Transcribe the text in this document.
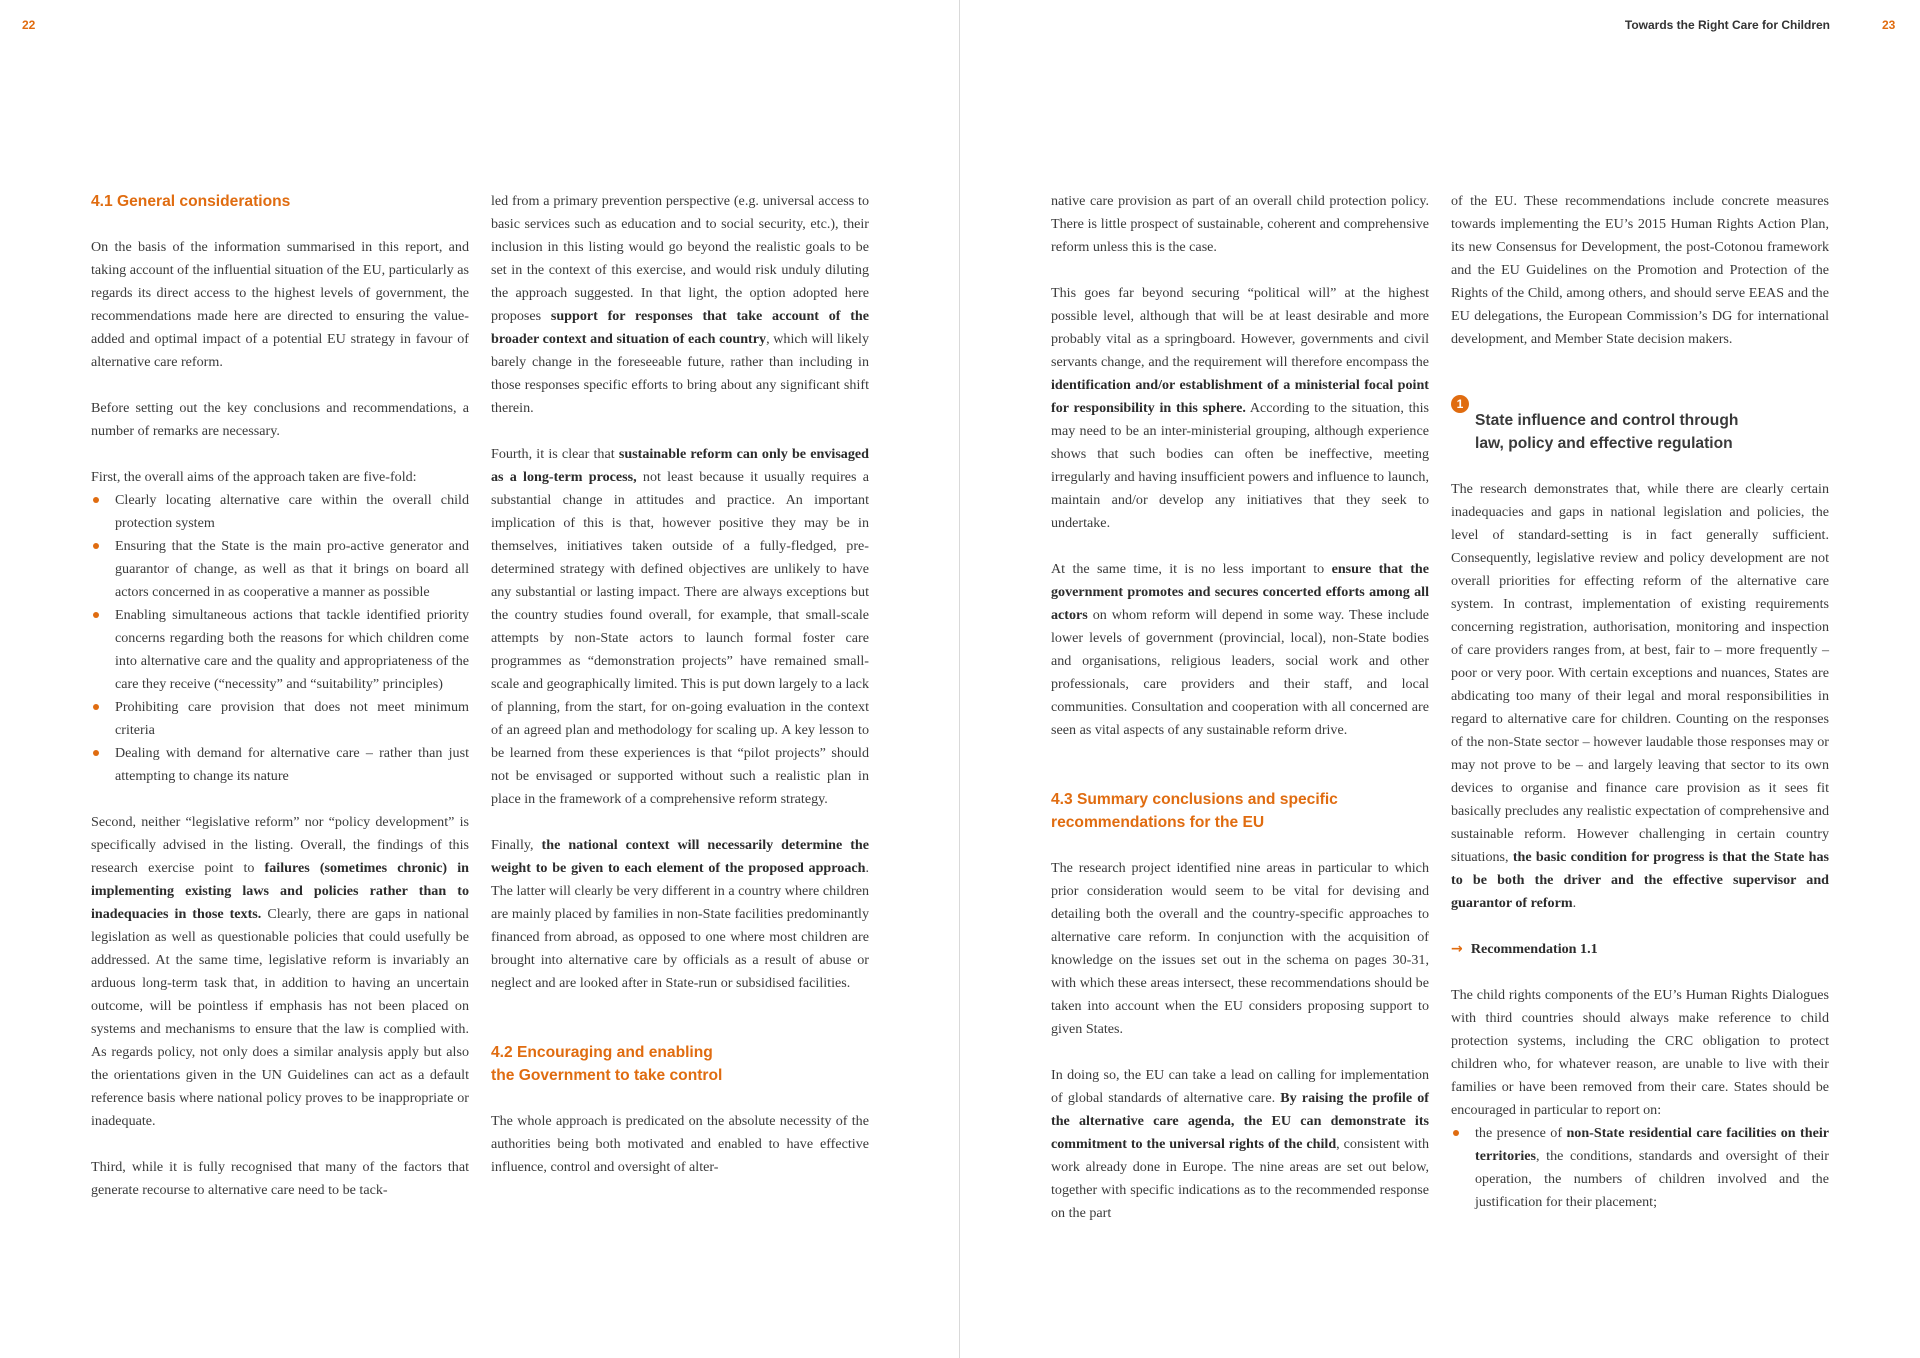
22	Towards the Right Care for Children	23
4.1 General considerations

On the basis of the information summarised in this report, and taking account of the influential situation of the EU, particularly as regards its direct access to the highest levels of government, the recommendations made here are directed to ensuring the value-added and optimal impact of a potential EU strategy in favour of alternative care reform.

Before setting out the key conclusions and recommendations, a number of remarks are necessary.

First, the overall aims of the approach taken are five-fold:

Clearly locating alternative care within the overall child protection system
Ensuring that the State is the main pro-active generator and guarantor of change, as well as that it brings on board all actors concerned in as cooperative a manner as possible
Enabling simultaneous actions that tackle identified priority concerns regarding both the reasons for which children come into alternative care and the quality and appropriateness of the care they receive (“necessity” and “suitability” principles)
Prohibiting care provision that does not meet minimum criteria
Dealing with demand for alternative care – rather than just attempting to change its nature

Second, neither “legislative reform” nor “policy development” is specifically advised in the listing. Overall, the findings of this research exercise point to failures (sometimes chronic) in implementing existing laws and policies rather than to inadequacies in those texts. Clearly, there are gaps in national legislation as well as questionable policies that could usefully be addressed. At the same time, legislative reform is invariably an arduous long-term task that, in addition to having an uncertain outcome, will be pointless if emphasis has not been placed on systems and mechanisms to ensure that the law is complied with. As regards policy, not only does a similar analysis apply but also the orientations given in the UN Guidelines can act as a default reference basis where national policy proves to be inappropriate or inadequate.

Third, while it is fully recognised that many of the factors that generate recourse to alternative care need to be tack-

led from a primary prevention perspective (e.g. universal access to basic services such as education and to social security, etc.), their inclusion in this listing would go beyond the realistic goals to be set in the context of this exercise, and would risk unduly diluting the approach suggested. In that light, the option adopted here proposes support for responses that take account of the broader context and situation of each country, which will likely barely change in the foreseeable future, rather than including in those responses specific efforts to bring about any significant shift therein.

Fourth, it is clear that sustainable reform can only be envisaged as a long-term process, not least because it usually requires a substantial change in attitudes and practice. An important implication of this is that, however positive they may be in themselves, initiatives taken outside of a fully-fledged, pre-determined strategy with defined objectives are unlikely to have any substantial or lasting impact. There are always exceptions but the country studies found overall, for example, that small-scale attempts by non-State actors to launch formal foster care programmes as “demonstration projects” have remained small-scale and geographically limited. This is put down largely to a lack of planning, from the start, for on-going evaluation in the context of an agreed plan and methodology for scaling up. A key lesson to be learned from these experiences is that “pilot projects” should not be envisaged or supported without such a realistic plan in place in the framework of a comprehensive reform strategy.

Finally, the national context will necessarily determine the weight to be given to each element of the proposed approach. The latter will clearly be very different in a country where children are mainly placed by families in non-State facilities predominantly financed from abroad, as opposed to one where most children are brought into alternative care by officials as a result of abuse or neglect and are looked after in State-run or subsidised facilities.

4.2 Encouraging and enabling
the Government to take control

The whole approach is predicated on the absolute necessity of the authorities being both motivated and enabled to have effective influence, control and oversight of alter-

native care provision as part of an overall child protection policy. There is little prospect of sustainable, coherent and comprehensive reform unless this is the case.

This goes far beyond securing “political will” at the highest possible level, although that will be at least desirable and more probably vital as a springboard. However, governments and civil servants change, and the requirement will therefore encompass the identification and/or establishment of a ministerial focal point for responsibility in this sphere. According to the situation, this may need to be an inter-ministerial grouping, although experience shows that such bodies can often be ineffective, meeting irregularly and having insufficient powers and influence to launch, maintain and/or develop any initiatives that they seek to undertake.

At the same time, it is no less important to ensure that the government promotes and secures concerted efforts among all actors on whom reform will depend in some way. These include lower levels of government (provincial, local), non-State bodies and organisations, religious leaders, social work and other professionals, care providers and their staff, and local communities. Consultation and cooperation with all concerned are seen as vital aspects of any sustainable reform drive.

4.3 Summary conclusions and specific
recommendations for the EU

The research project identified nine areas in particular to which prior consideration would seem to be vital for devising and detailing both the overall and the country-specific approaches to alternative care reform. In conjunction with the acquisition of knowledge on the issues set out in the schema on pages 30-31, with which these areas intersect, these recommendations should be taken into account when the EU considers proposing support to given States.

In doing so, the EU can take a lead on calling for implementation of global standards of alternative care. By raising the profile of the alternative care agenda, the EU can demonstrate its commitment to the universal rights of the child, consistent with work already done in Europe. The nine areas are set out below, together with specific indications as to the recommended response on the part

of the EU. These recommendations include concrete measures towards implementing the EU’s 2015 Human Rights Action Plan, its new Consensus for Development, the post-Cotonou framework and the EU Guidelines on the Promotion and Protection of the Rights of the Child, among others, and should serve EEAS and the EU delegations, the European Commission’s DG for international development, and Member State decision makers.

1
State influence and control through
law, policy and effective regulation

The research demonstrates that, while there are clearly certain inadequacies and gaps in national legislation and policies, the level of standard-setting is in fact generally sufficient. Consequently, legislative review and policy development are not overall priorities for effecting reform of the alternative care system. In contrast, implementation of existing requirements concerning registration, authorisation, monitoring and inspection of care providers ranges from, at best, fair to – more frequently – poor or very poor. With certain exceptions and nuances, States are abdicating too many of their legal and moral responsibilities in regard to alternative care for children. Counting on the responses of the non-State sector – however laudable those responses may or may not prove to be – and largely leaving that sector to its own devices to organise and finance care provision as it sees fit basically precludes any realistic expectation of comprehensive and sustainable reform. However challenging in certain country situations, the basic condition for progress is that the State has to be both the driver and the effective supervisor and guarantor of reform.

→ Recommendation 1.1

The child rights components of the EU’s Human Rights Dialogues with third countries should always make reference to child protection systems, including the CRC obligation to protect children who, for whatever reason, are unable to live with their families or have been removed from their care. States should be encouraged in particular to report on:

the presence of non-State residential care facilities on their territories, the conditions, standards and oversight of their operation, the numbers of children involved and the justification for their placement;
